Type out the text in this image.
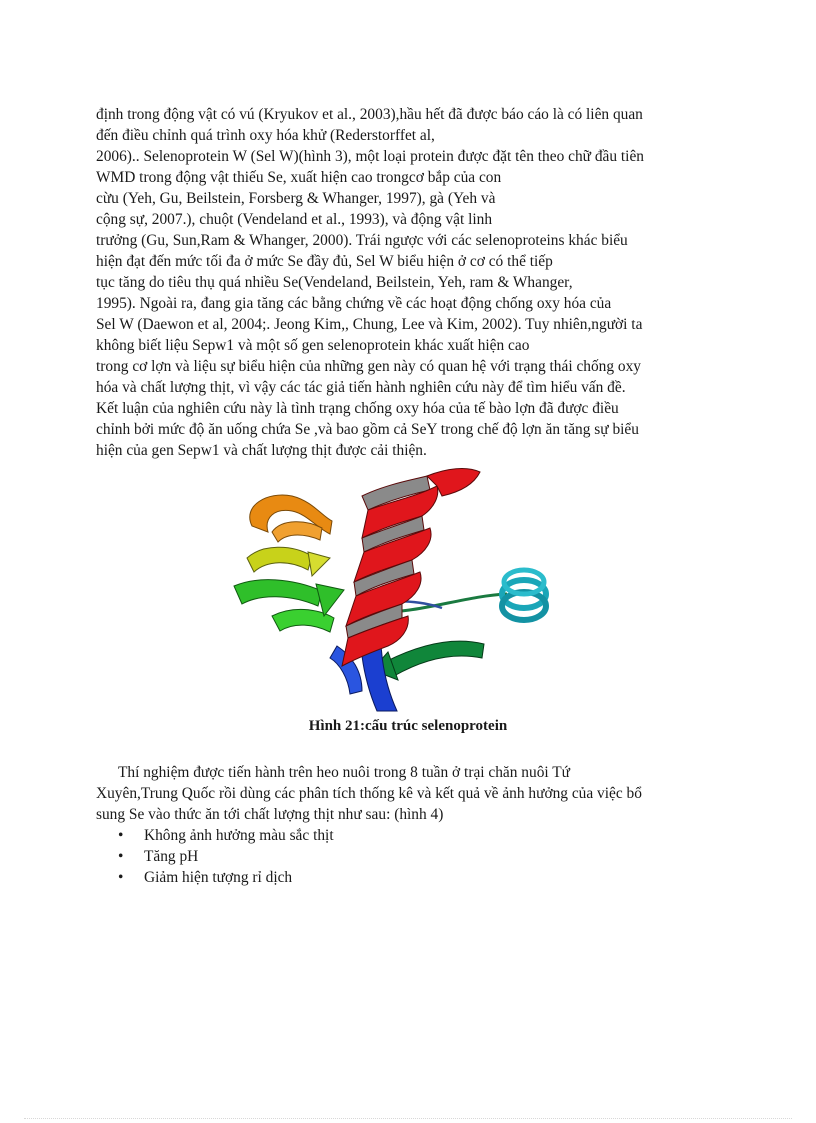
định trong động vật có vú (Kryukov et al., 2003),hầu hết đã được báo cáo là có liên quan
đến điều chỉnh quá trình oxy hóa khử (Rederstorffet al,
2006).. Selenoprotein W (Sel W)(hình 3), một loại protein được đặt tên theo chữ đầu tiên
WMD trong động vật thiếu Se, xuất hiện cao trongcơ bắp của con
cừu (Yeh, Gu, Beilstein, Forsberg & Whanger, 1997), gà (Yeh và
cộng sự, 2007.), chuột (Vendeland et al., 1993), và động vật linh
trưởng (Gu, Sun,Ram & Whanger, 2000). Trái ngược với các selenoproteins khác biểu
hiện đạt đến mức tối đa ở mức Se đầy đủ, Sel W biểu hiện ở cơ có thể tiếp
tục tăng do tiêu thụ quá nhiều Se(Vendeland, Beilstein, Yeh, ram & Whanger,
1995). Ngoài ra, đang gia tăng các bằng chứng về các hoạt động chống oxy hóa của
Sel W (Daewon et al, 2004;. Jeong Kim,, Chung, Lee và Kim, 2002). Tuy nhiên,người ta
không biết liệu Sepw1 và một số gen selenoprotein khác xuất hiện cao
trong cơ lợn và liệu sự biểu hiện của những gen này có quan hệ với trạng thái chống oxy
hóa và chất lượng thịt, vì vậy các tác giả tiến hành nghiên cứu này để tìm hiểu vấn đề.
Kết luận của nghiên cứu này là tình trạng chống oxy hóa của tế bào lợn đã được điều
chỉnh bởi mức độ ăn uống chứa Se ,và bao gồm cả SeY trong chế độ lợn ăn tăng sự biểu
hiện của gen Sepw1 và chất lượng thịt được cải thiện.

Hình 21:cấu trúc selenoprotein

Thí nghiệm được tiến hành trên heo nuôi trong 8 tuần ở trại chăn nuôi Tứ
Xuyên,Trung Quốc rồi dùng các phân tích thống kê và kết quả về ảnh hưởng của việc bổ
sung Se vào thức ăn tới chất lượng thịt như sau: (hình 4)

• Không ảnh hưởng màu sắc thịt
• Tăng pH
• Giảm hiện tượng rỉ dịch
